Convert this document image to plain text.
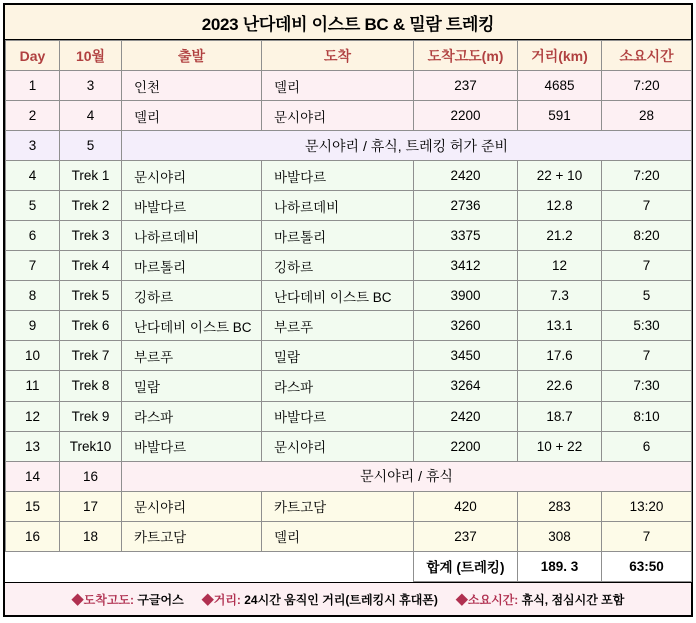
2023 난다데비 이스트 BC & 밀람 트레킹
Day	10월	출발	도착	도착고도(m)	거리(km)	소요시간
1	3	인천	델리	237	4685	7:20
2	4	델리	문시야리	2200	591	28
3	5	문시야리 / 휴식, 트레킹 허가 준비				
4	Trek 1	문시야리	바발다르	2420	22 + 10	7:20
5	Trek 2	바발다르	나하르데비	2736	12.8	7
6	Trek 3	나하르데비	마르톨리	3375	21.2	8:20
7	Trek 4	마르톨리	깅하르	3412	12	7
8	Trek 5	깅하르	난다데비 이스트 BC	3900	7.3	5
9	Trek 6	난다데비 이스트 BC	부르푸	3260	13.1	5:30
10	Trek 7	부르푸	밀람	3450	17.6	7
11	Trek 8	밀람	라스파	3264	22.6	7:30
12	Trek 9	라스파	바발다르	2420	18.7	8:10
13	Trek10	바발다르	문시야리	2200	10 + 22	6
14	16	문시야리 / 휴식				
15	17	문시야리	카트고담	420	283	13:20
16	18	카트고담	델리	237	308	7
				합계 (트레킹)	189. 3	63:50
◆도착고도: 구글어스 ◆거리: 24시간 움직인 거리(트레킹시 휴대폰) ◆소요시간: 휴식, 점심시간 포함
